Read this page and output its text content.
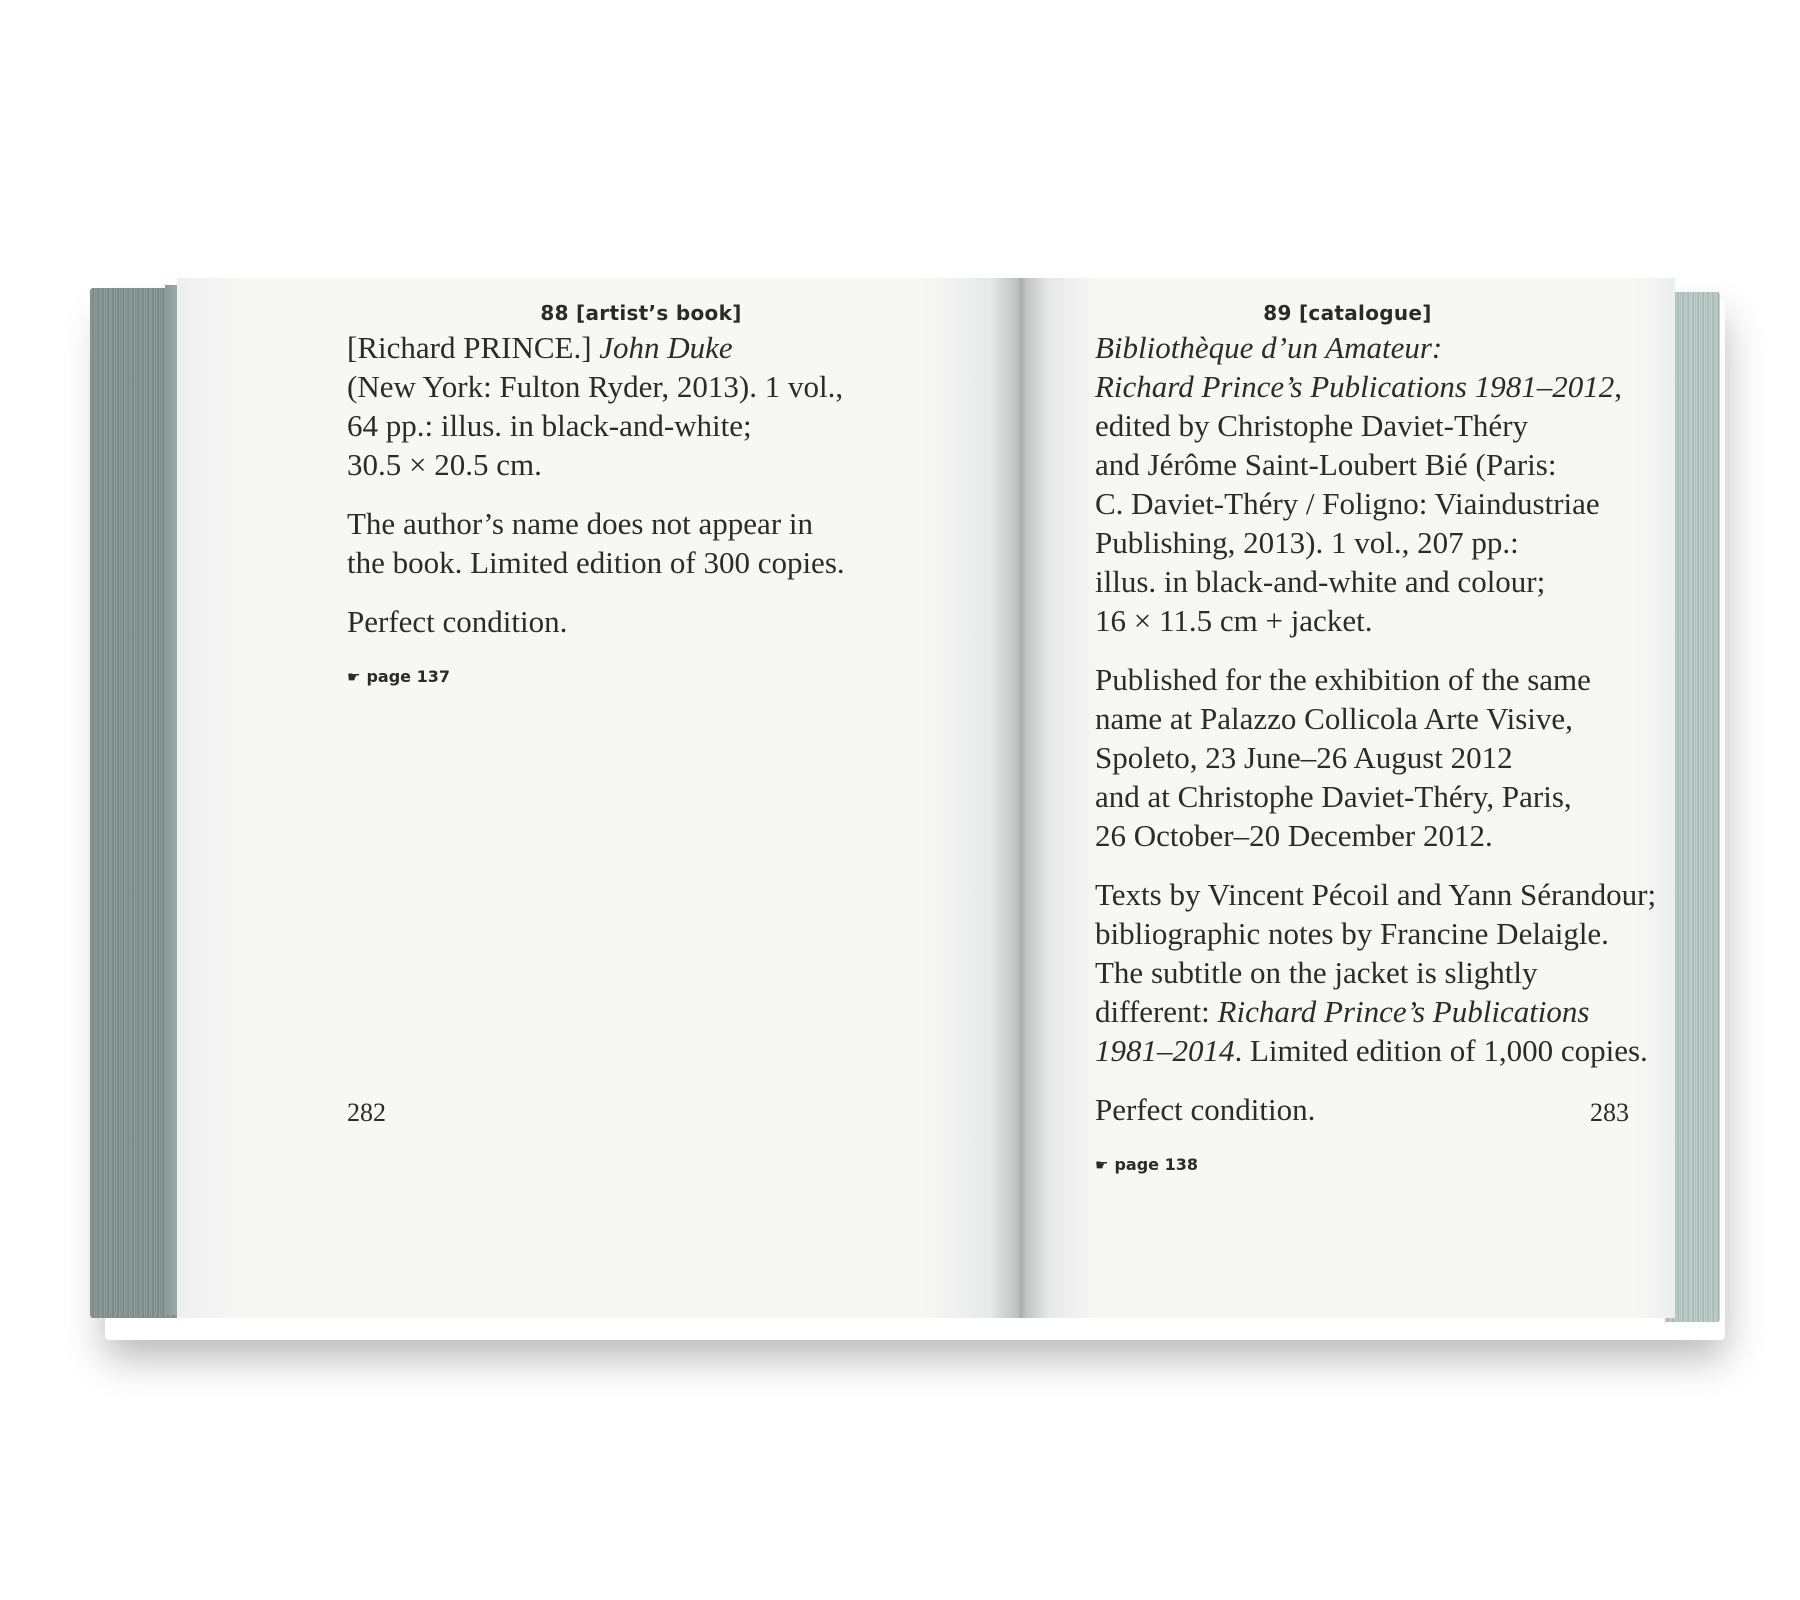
88 [artist’s book]
[Richard PRINCE.] John Duke
(New York: Fulton Ryder, 2013). 1 vol.,
64 pp.: illus. in black-and-white;
30.5 × 20.5 cm.
The author’s name does not appear in
the book. Limited edition of 300 copies.
Perfect condition.
☛ page 137
282
89 [catalogue]
Bibliothèque d’un Amateur:
Richard Prince’s Publications 1981–2012,
edited by Christophe Daviet-Théry
and Jérôme Saint-Loubert Bié (Paris:
C. Daviet-Théry / Foligno: Viaindustriae
Publishing, 2013). 1 vol., 207 pp.:
illus. in black-and-white and colour;
16 × 11.5 cm + jacket.
Published for the exhibition of the same
name at Palazzo Collicola Arte Visive,
Spoleto, 23 June–26 August 2012
and at Christophe Daviet-Théry, Paris,
26 October–20 December 2012.
Texts by Vincent Pécoil and Yann Sérandour;
bibliographic notes by Francine Delaigle.
The subtitle on the jacket is slightly
different: Richard Prince’s Publications
1981–2014. Limited edition of 1,000 copies.
Perfect condition.
☛ page 138
283
